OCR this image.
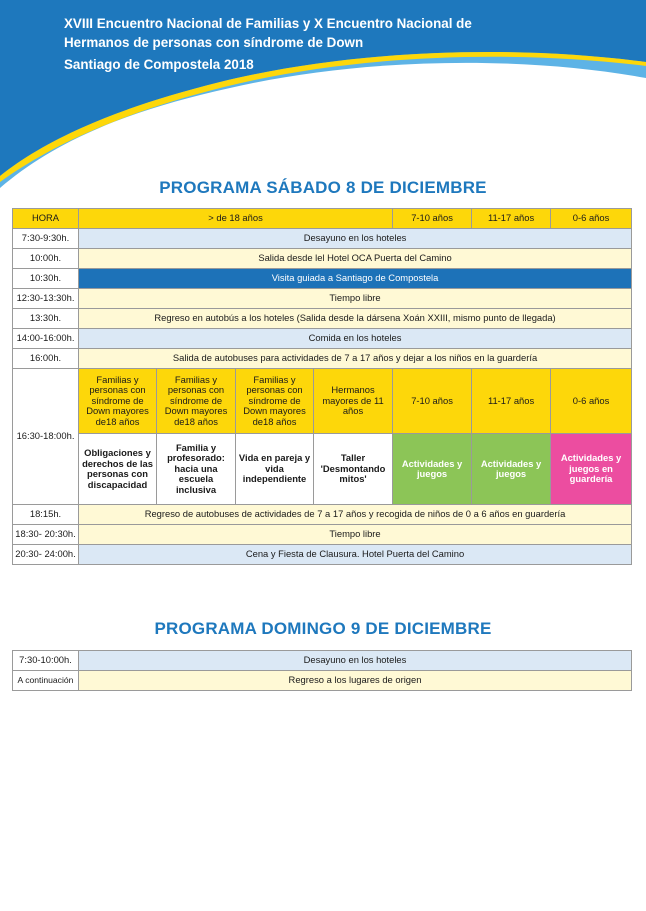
XVIII Encuentro Nacional de Familias y X Encuentro Nacional de
Hermanos de personas con síndrome de Down
Santiago de Compostela 2018
PROGRAMA SÁBADO 8 DE DICIEMBRE
HORA	> de 18 años				7-10 años	11-17 años	0-6 años
7:30-9:30h.	Desayuno en los hoteles						
10:00h.	Salida desde lel Hotel OCA Puerta del Camino						
10:30h.	Visita guiada a Santiago de Compostela						
12:30-13:30h.	Tiempo libre						
13:30h.	Regreso en autobús a los hoteles (Salida desde la dársena Xoán XXIII, mismo punto de llegada)						
14:00-16:00h.	Comida en los hoteles						
16:00h.	Salida de autobuses para actividades de 7 a 17 años y dejar a los niños en la guardería						
16:30-18:00h.	Familias y personas con síndrome de Down mayores de18 años	Familias y personas con síndrome de Down mayores de18 años	Familias y personas con síndrome de Down mayores de18 años	Hermanos mayores de 11 años	7-10 años	11-17 años	0-6 años
	Obligaciones y derechos de las personas con discapacidad	Familia y profesorado: hacia una escuela inclusiva	Vida en pareja y vida independiente	Taller 'Desmontando mitos'	Actividades y juegos	Actividades y juegos	Actividades y juegos en guardería
18:15h.	Regreso de autobuses de actividades de 7 a 17 años y recogida de niños de 0 a 6 años en guardería						
18:30- 20:30h.	Tiempo libre						
20:30- 24:00h.	Cena y Fiesta de Clausura. Hotel Puerta del Camino						
PROGRAMA DOMINGO 9 DE DICIEMBRE
7:30-10:00h.	Desayuno en los hoteles
A continuación	Regreso a los lugares de origen
